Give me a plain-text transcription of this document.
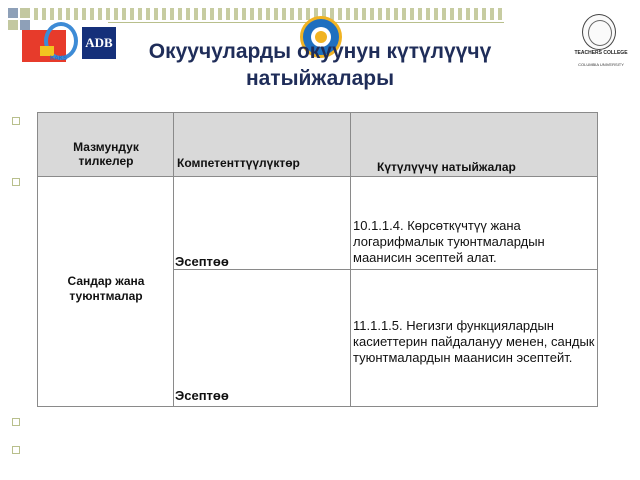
KAKS
ADB
TEACHERS COLLEGE
COLUMBIA UNIVERSITY
Окуучуларды окуунун күтүлүүчү натыйжалары
Мазмундук тилкелер	Компетенттүүлүктөр	Күтүлүүчү натыйжалар
Сандар жана туюнтмалар
Эсептөө
10.1.1.4. Көрсөткүчтүү жана логарифмалык туюнтмалардын маанисин эсептей алат.
Эсептөө
11.1.1.5. Негизги функциялардын касиеттерин пайдалануу менен, сандык туюнтмалардын маанисин эсептейт.
